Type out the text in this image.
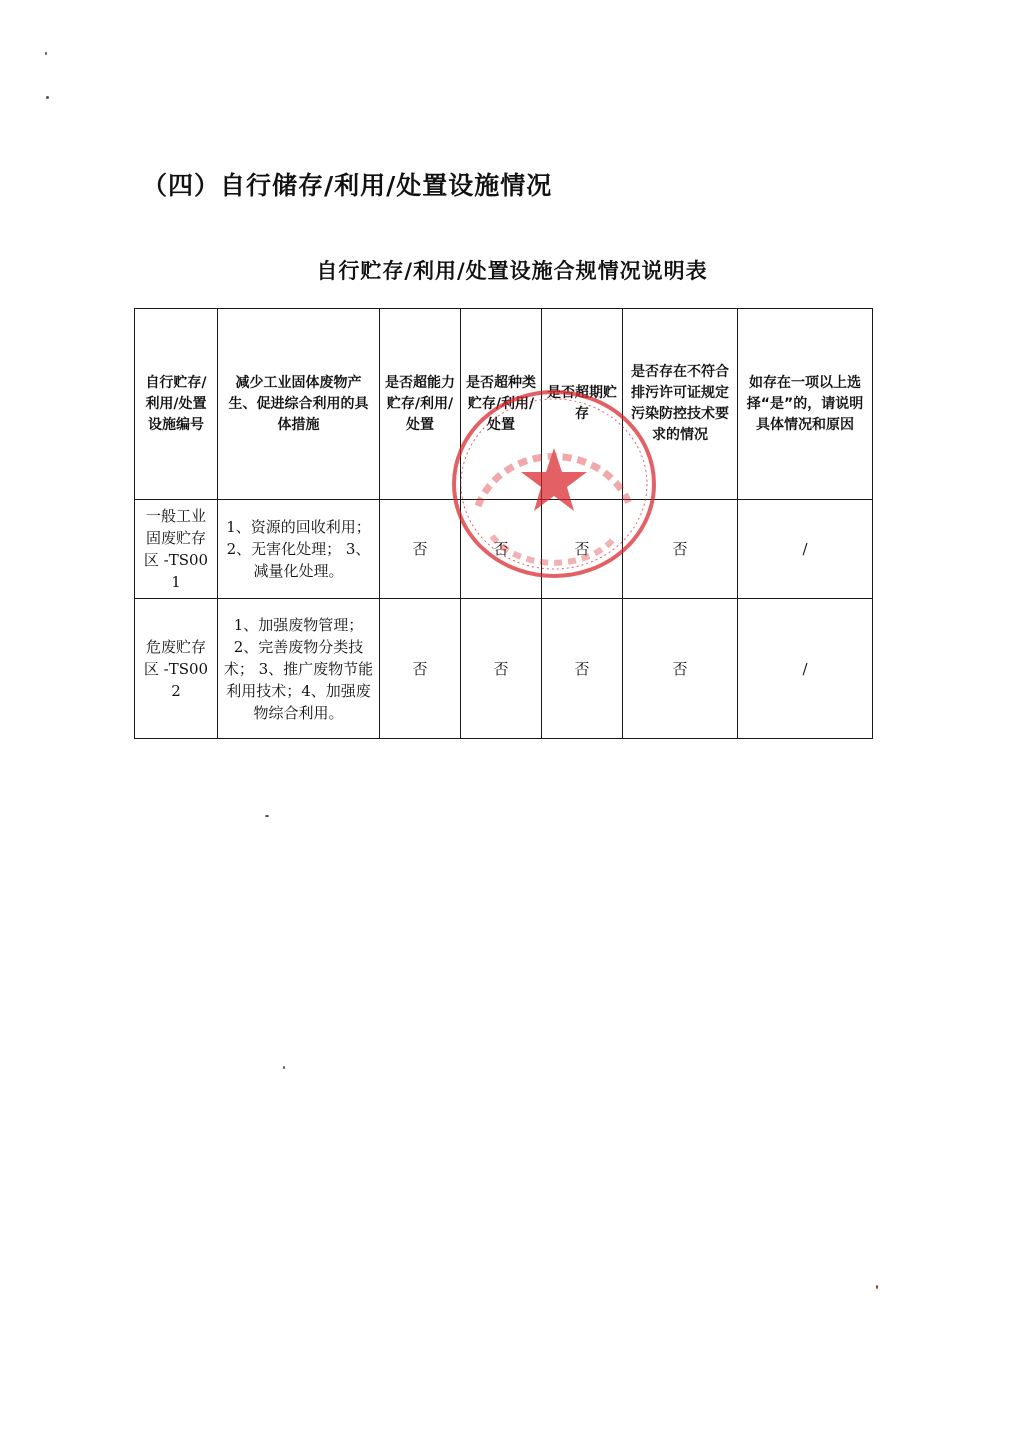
（四）自行储存/利用/处置设施情况
自行贮存/利用/处置设施合规情况说明表
自行贮存/利用/处置设施编号	减少工业固体废物产生、促进综合利用的具体措施	是否超能力贮存/利用/处置	是否超种类贮存/利用/处置	是否超期贮存	是否存在不符合排污许可证规定污染防控技术要求的情况	如存在一项以上选择“是”的，请说明具体情况和原因
一般工业固废贮存区 -TS001	1、资源的回收利用； 2、无害化处理； 3、减量化处理。	否	否	否	否	/
危废贮存区 -TS002	1、加强废物管理；2、完善废物分类技术； 3、推广废物节能利用技术；4、加强废物综合利用。	否	否	否	否	/
